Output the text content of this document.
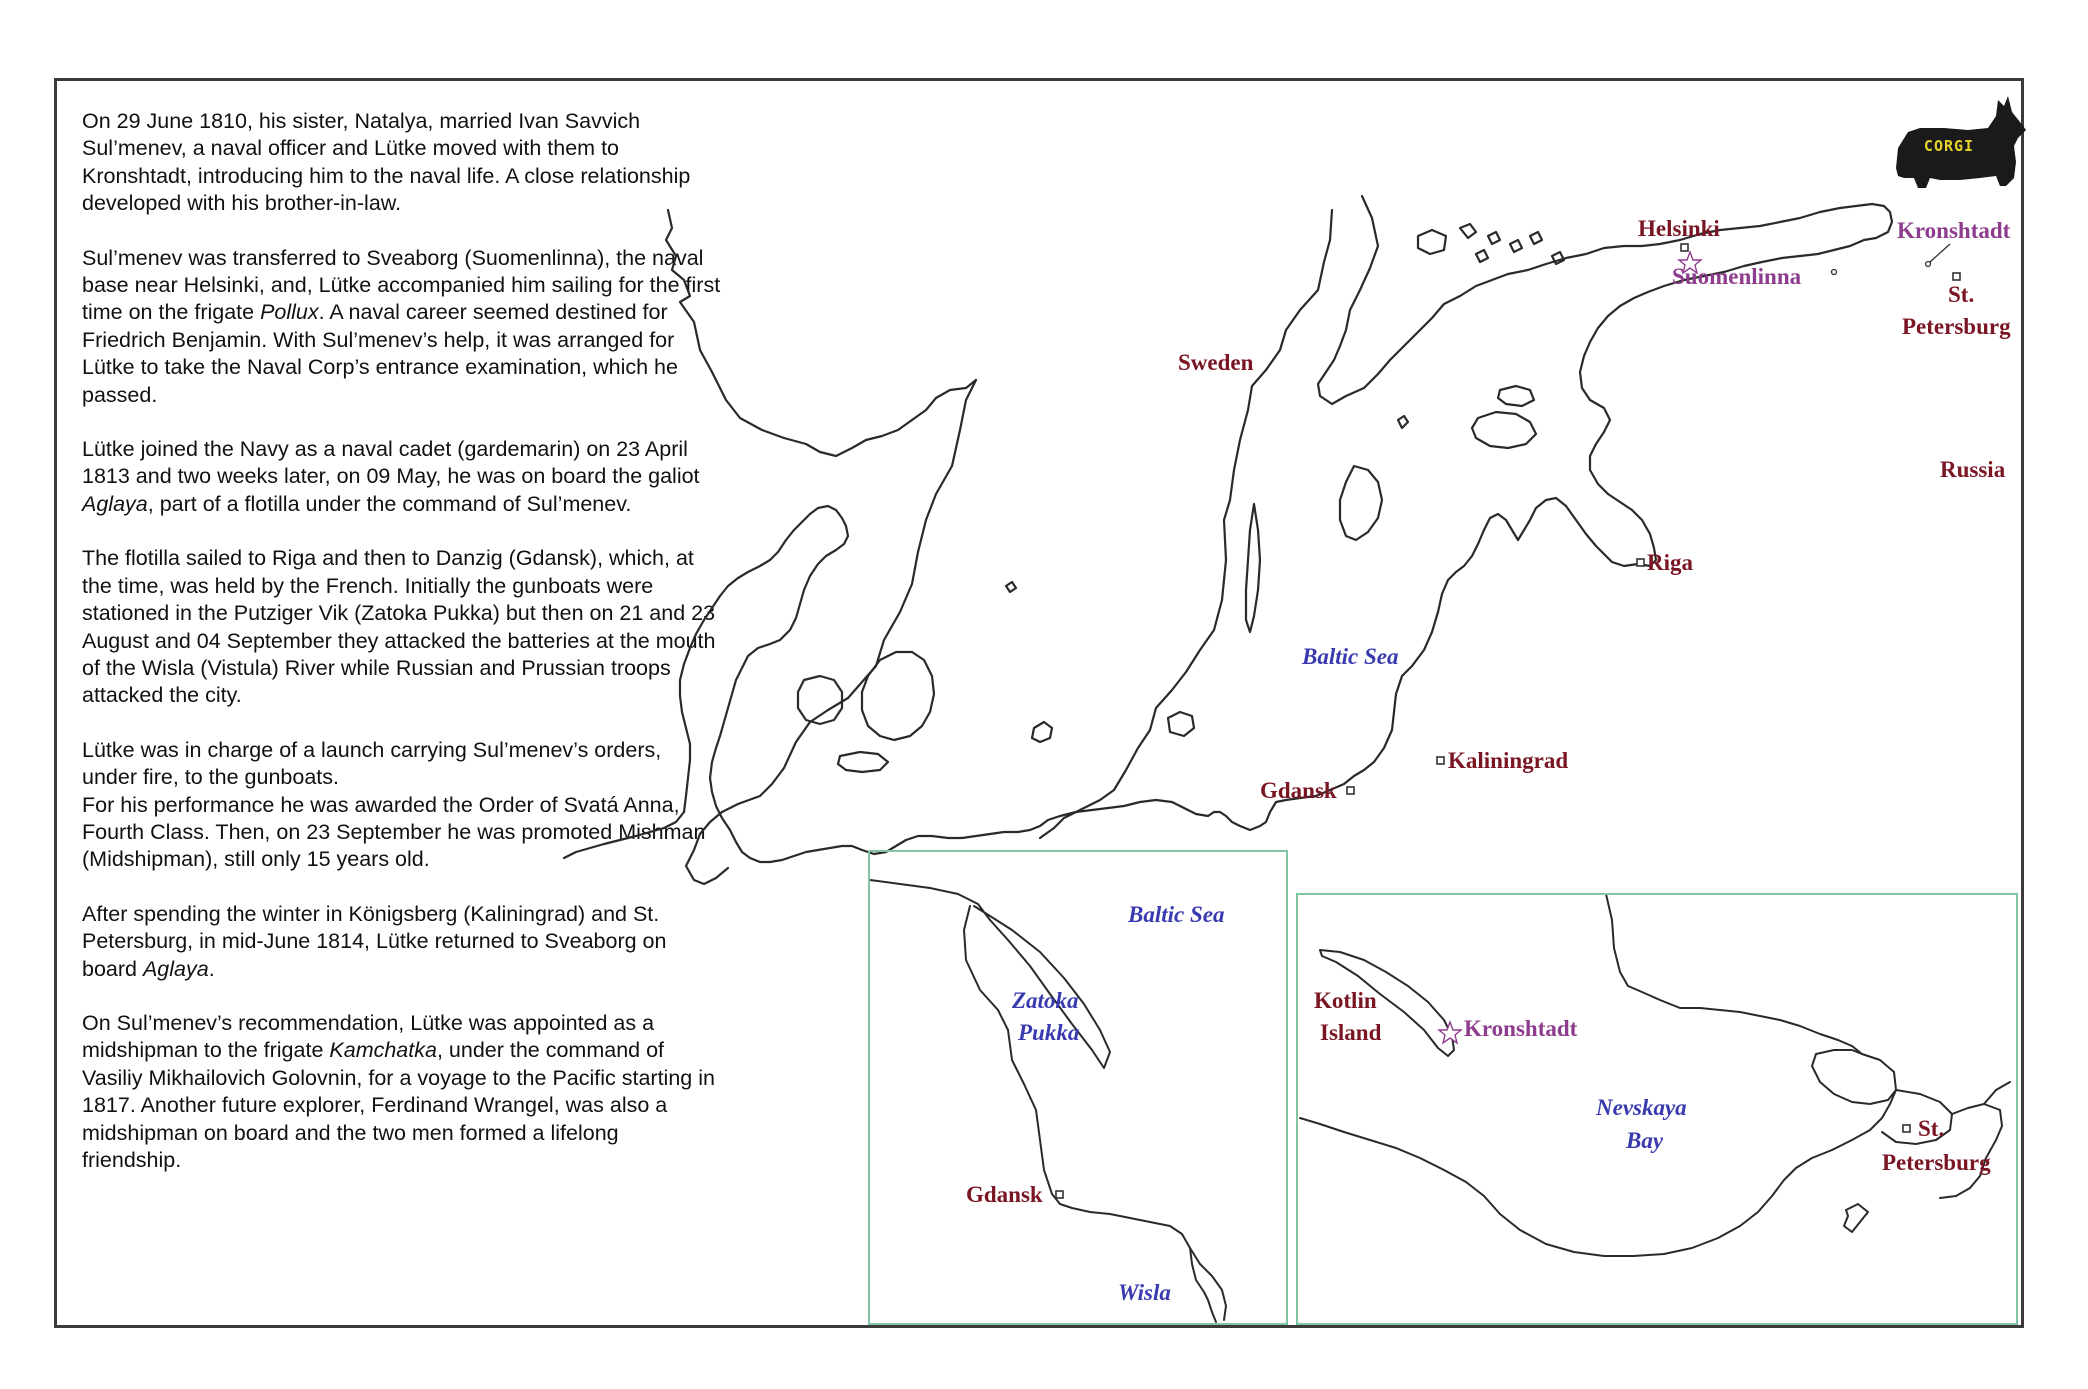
On 29 June 1810, his sister, Natalya, married Ivan Savvich Sul’menev, a naval officer and Lütke moved with them to Kronshtadt, introducing him to the naval life. A close relationship developed with his brother-in-law.

Sul’menev was transferred to Sveaborg (Suomenlinna), the naval base near Helsinki, and, Lütke accompanied him sailing for the first time on the frigate Pollux. A naval career seemed destined for Friedrich Benjamin. With Sul’menev’s help, it was arranged for Lütke to take the Naval Corp’s entrance examination, which he passed.

Lütke joined the Navy as a naval cadet (gardemarin) on 23 April 1813 and two weeks later, on 09 May, he was on board the galiot Aglaya, part of a flotilla under the command of Sul’menev.

The flotilla sailed to Riga and then to Danzig (Gdansk), which, at the time, was held by the French. Initially the gunboats were stationed in the Putziger Vik (Zatoka Pukka) but then on 21 and 23 August and 04 September they attacked the batteries at the mouth of the Wisla (Vistula) River while Russian and Prussian troops attacked the city.

Lütke was in charge of a launch carrying Sul’menev’s orders, under fire, to the gunboats.
For his performance he was awarded the Order of Svatá Anna, Fourth Class. Then, on 23 September he was promoted Mishman (Midshipman), still only 15 years old.

After spending the winter in Königsberg (Kaliningrad) and St. Petersburg, in mid-June 1814, Lütke returned to Sveaborg on board Aglaya.

On Sul’menev’s recommendation, Lütke was appointed as a midshipman to the frigate Kamchatka, under the command of Vasiliy Mikhailovich Golovnin, for a voyage to the Pacific starting in 1817. Another future explorer, Ferdinand Wrangel, was also a midshipman on board and the two men formed a lifelong friendship.

CORGI
Sweden
Russia
Baltic Sea
Helsinki
Suomenlinna
Kronshtadt
St.
Petersburg
Riga
Kaliningrad
Gdansk
Baltic Sea
Zatoka
Pukka
Gdansk
Wisla
Kotlin
Island	Kronshtadt
Nevskaya
Bay	St.
Petersburg
